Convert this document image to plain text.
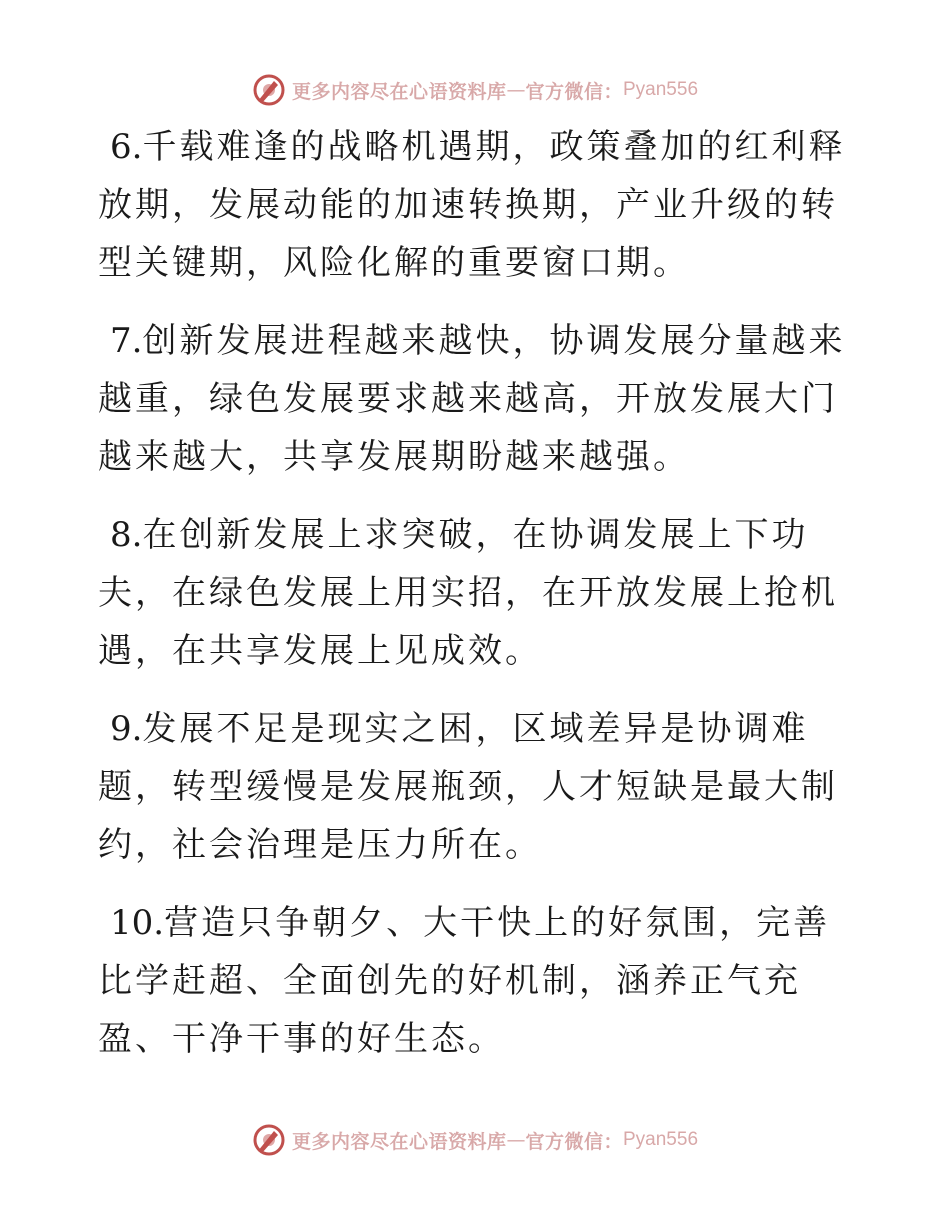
更多内容尽在心语资料库 — 官方微信： Pyan556

6.千载难逢的战略机遇期，政策叠加的红利释放期，发展动能的加速转换期，产业升级的转型关键期，风险化解的重要窗口期。

7.创新发展进程越来越快，协调发展分量越来越重，绿色发展要求越来越高，开放发展大门越来越大，共享发展期盼越来越强。

8.在创新发展上求突破，在协调发展上下功夫，在绿色发展上用实招，在开放发展上抢机遇，在共享发展上见成效。

9.发展不足是现实之困，区域差异是协调难题，转型缓慢是发展瓶颈，人才短缺是最大制约，社会治理是压力所在。

10.营造只争朝夕、大干快上的好氛围，完善比学赶超、全面创先的好机制，涵养正气充盈、干净干事的好生态。

更多内容尽在心语资料库 — 官方微信： Pyan556
